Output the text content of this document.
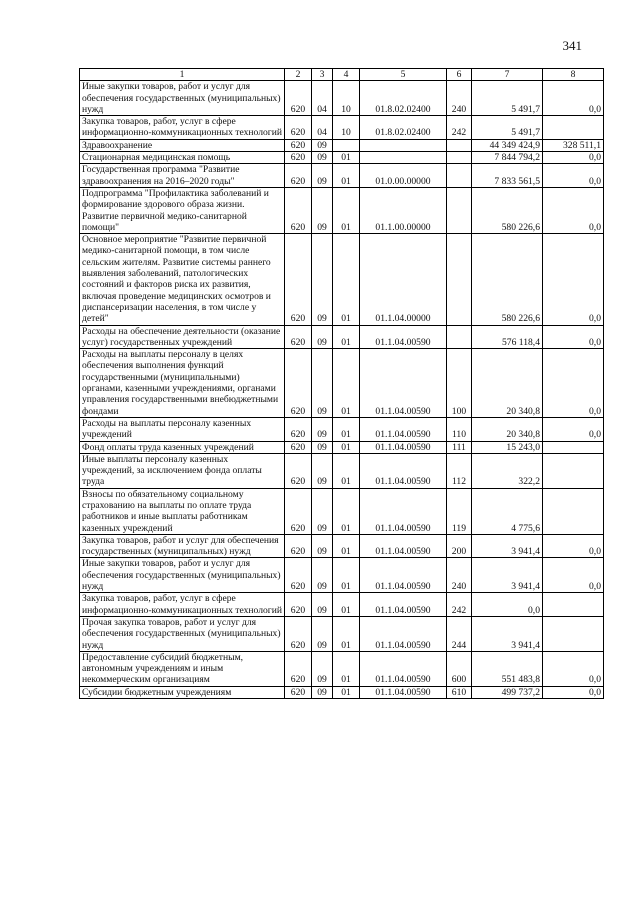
341
1	2	3	4	5	6	7	8
Иные закупки товаров, работ и услуг для обеспечения государственных (муниципальных) нужд	620	04	10	01.8.02.02400	240	5 491,7	0,0
Закупка товаров, работ, услуг в сфере информационно-коммуникационных технологий	620	04	10	01.8.02.02400	242	5 491,7	
Здравоохранение	620	09				44 349 424,9	328 511,1
Стационарная медицинская помощь	620	09	01			7 844 794,2	0,0
Государственная программа "Развитие здравоохранения на 2016–2020 годы"	620	09	01	01.0.00.00000		7 833 561,5	0,0
Подпрограмма "Профилактика заболеваний и формирование здорового образа жизни. Развитие первичной медико-санитарной помощи"	620	09	01	01.1.00.00000		580 226,6	0,0
Основное мероприятие "Развитие первичной медико-санитарной помощи, в том числе сельским жителям. Развитие системы раннего выявления заболеваний, патологических состояний и факторов риска их развития, включая проведение медицинских осмотров и диспансеризации населения, в том числе у детей"	620	09	01	01.1.04.00000		580 226,6	0,0
Расходы на обеспечение деятельности (оказание услуг) государственных учреждений	620	09	01	01.1.04.00590		576 118,4	0,0
Расходы на выплаты персоналу в целях обеспечения выполнения функций государственными (муниципальными) органами, казенными учреждениями, органами управления государственными внебюджетными фондами	620	09	01	01.1.04.00590	100	20 340,8	0,0
Расходы на выплаты персоналу казенных учреждений	620	09	01	01.1.04.00590	110	20 340,8	0,0
Фонд оплаты труда казенных учреждений	620	09	01	01.1.04.00590	111	15 243,0	
Иные выплаты персоналу казенных учреждений, за исключением фонда оплаты труда	620	09	01	01.1.04.00590	112	322,2	
Взносы по обязательному социальному страхованию на выплаты по оплате труда работников и иные выплаты работникам казенных учреждений	620	09	01	01.1.04.00590	119	4 775,6	
Закупка товаров, работ и услуг для обеспечения государственных (муниципальных) нужд	620	09	01	01.1.04.00590	200	3 941,4	0,0
Иные закупки товаров, работ и услуг для обеспечения государственных (муниципальных) нужд	620	09	01	01.1.04.00590	240	3 941,4	0,0
Закупка товаров, работ, услуг в сфере информационно-коммуникационных технологий	620	09	01	01.1.04.00590	242	0,0	
Прочая закупка товаров, работ и услуг для обеспечения государственных (муниципальных) нужд	620	09	01	01.1.04.00590	244	3 941,4	
Предоставление субсидий бюджетным, автономным учреждениям и иным некоммерческим организациям	620	09	01	01.1.04.00590	600	551 483,8	0,0
Субсидии бюджетным учреждениям	620	09	01	01.1.04.00590	610	499 737,2	0,0
